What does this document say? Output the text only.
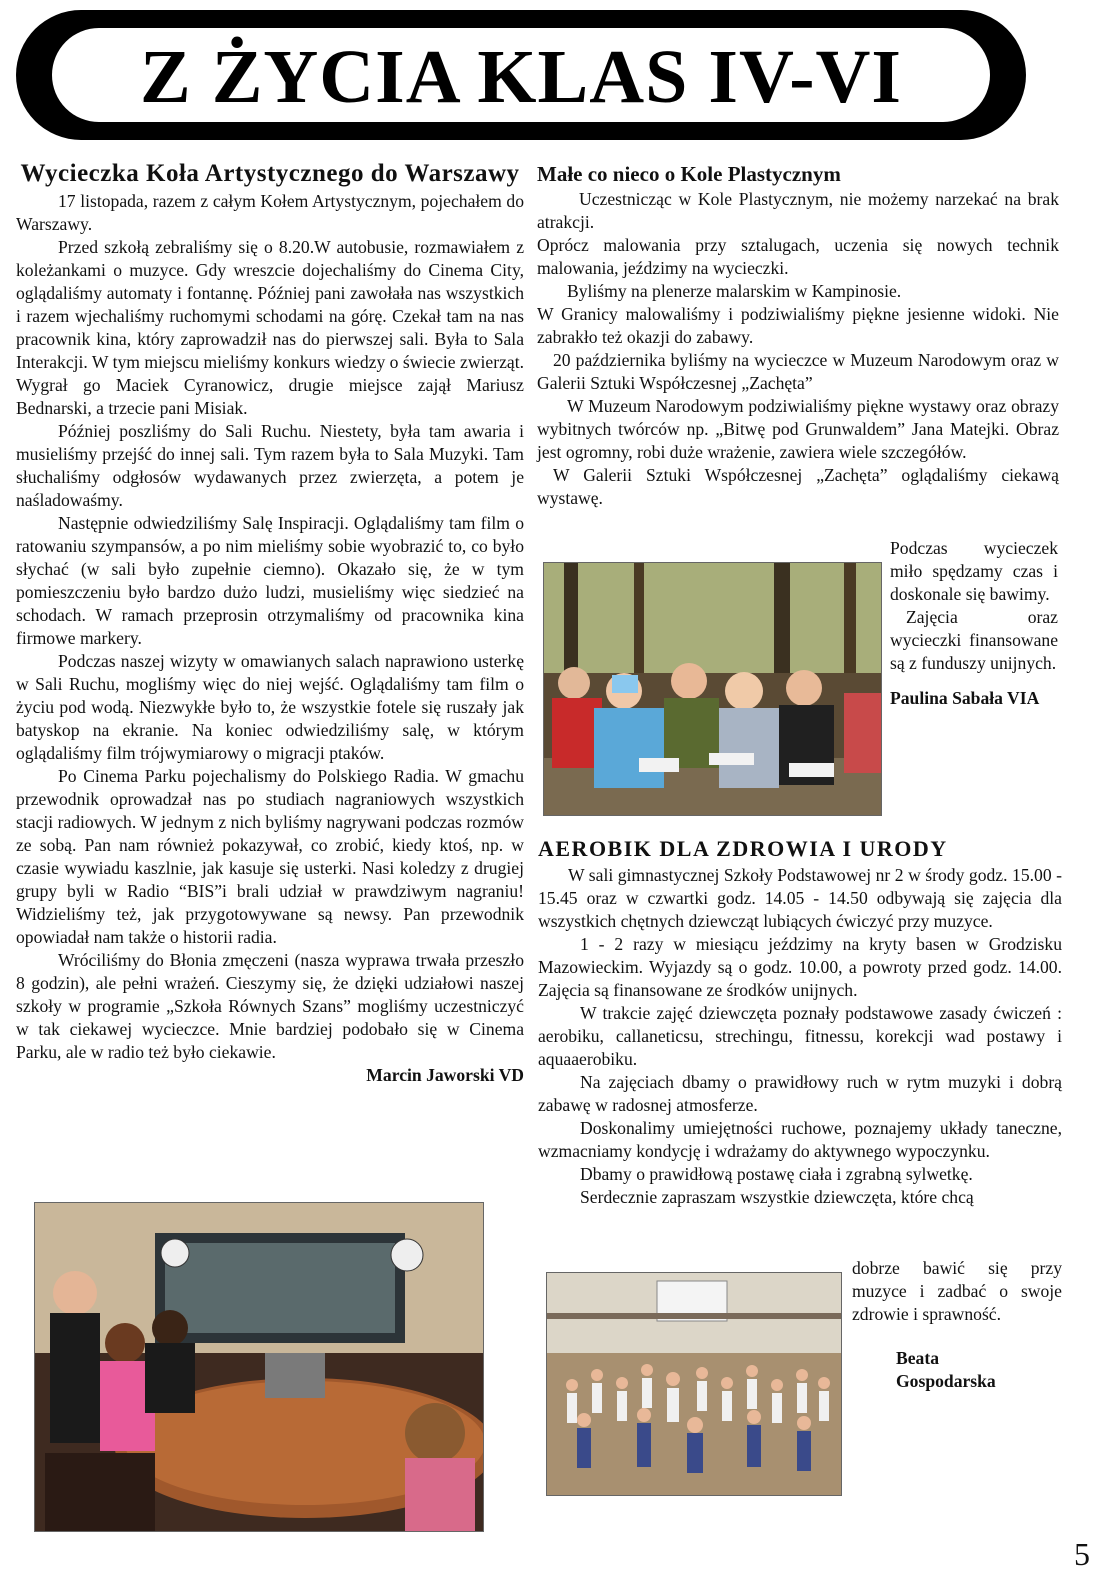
Z ŻYCIA KLAS IV-VI
Wycieczka Koła Artystycznego do Warszawy

17 listopada, razem z całym Kołem Artystycznym, pojechałem do Warszawy.

Przed szkołą zebraliśmy się o 8.20.W autobusie, rozmawiałem z koleżankami o muzyce. Gdy wreszcie dojechaliśmy do Cinema City, oglądaliśmy automaty i fontannę. Później pani zawołała nas wszystkich i razem wjechaliśmy ruchomymi schodami na górę. Czekał tam na nas pracownik kina, który zaprowadził nas do pierwszej sali. Była to Sala Interakcji. W tym miejscu mieliśmy konkurs wiedzy o świecie zwierząt. Wygrał go Maciek Cyranowicz, drugie miejsce zajął Mariusz Bednarski, a trzecie pani Misiak.

Później poszliśmy do Sali Ruchu. Niestety, była tam awaria i musieliśmy przejść do innej sali. Tym razem była to Sala Muzyki. Tam słuchaliśmy odgłosów wydawanych przez zwierzęta, a potem je naśladowaśmy.

Następnie odwiedziliśmy Salę Inspiracji. Oglądaliśmy tam film o ratowaniu szympansów, a po nim mieliśmy sobie wyobrazić to, co było słychać (w sali było zupełnie ciemno). Okazało się, że w tym pomieszczeniu było bardzo dużo ludzi, musieliśmy więc siedzieć na schodach. W ramach przeprosin otrzymaliśmy od pracownika kina firmowe markery.

Podczas naszej wizyty w omawianych salach naprawiono usterkę w Sali Ruchu, mogliśmy więc do niej wejść. Oglądaliśmy tam film o życiu pod wodą. Niezwykłe było to, że wszystkie fotele się ruszały jak batyskop na ekranie. Na koniec odwiedziliśmy salę, w którym oglądaliśmy film trójwymiarowy o migracji ptaków.

Po Cinema Parku pojechalismy do Polskiego Radia. W gmachu przewodnik oprowadzał nas po studiach nagraniowych wszystkich stacji radiowych. W jednym z nich byliśmy nagrywani podczas rozmów ze sobą. Pan nam również pokazywał, co zrobić, kiedy ktoś, np. w czasie wywiadu kaszlnie, jak kasuje się usterki. Nasi koledzy z drugiej grupy byli w Radio “BIS”i brali udział w prawdziwym nagraniu! Widzieliśmy też, jak przygotowywane są newsy. Pan przewodnik opowiadał nam także o historii radia.

Wróciliśmy do Błonia zmęczeni (nasza wyprawa trwała przeszło 8 godzin), ale pełni wrażeń. Cieszymy się, że dzięki udziałowi naszej szkoły w programie „Szkoła Równych Szans” mogliśmy uczestniczyć w tak ciekawej wycieczce. Mnie bardziej podobało się w Cinema Parku, ale w radio też było ciekawie.

Marcin Jaworski VD

Małe co nieco o Kole Plastycznym

Uczestnicząc w Kole Plastycznym, nie możemy narzekać na brak atrakcji.

Oprócz malowania przy sztalugach, uczenia się nowych technik malowania, jeździmy na wycieczki.

Byliśmy na plenerze malarskim w Kampinosie.

W Granicy malowaliśmy i podziwialiśmy piękne jesienne widoki. Nie zabrakło też okazji do zabawy.

20 października byliśmy na wycieczce w Muzeum Narodowym oraz w Galerii Sztuki Współczesnej „Zachęta”

W Muzeum Narodowym podziwialiśmy piękne wystawy oraz obrazy wybitnych twórców np. „Bitwę pod Grunwaldem” Jana Matejki. Obraz jest ogromny, robi duże wrażenie, zawiera wiele szczegółów.

W Galerii Sztuki Współczesnej „Zachęta” oglądaliśmy ciekawą wystawę.

Podczas wycieczek miło spędzamy czas i doskonale się bawimy.

Zajęcia oraz wycieczki finansowane są z funduszy unijnych.

Paulina Sabała VIA

AEROBIK DLA ZDROWIA I URODY

W sali gimnastycznej Szkoły Podstawowej nr 2 w środy godz. 15.00 - 15.45 oraz w czwartki godz. 14.05 - 14.50 odbywają się zajęcia dla wszystkich chętnych dziewcząt lubiących ćwiczyć przy muzyce.

1 - 2 razy w miesiącu jeździmy na kryty basen w Grodzisku Mazowieckim. Wyjazdy są o godz. 10.00, a powroty przed godz. 14.00. Zajęcia są finansowane ze środków unijnych.

W trakcie zajęć dziewczęta poznały podstawowe zasady ćwiczeń : aerobiku, callaneticsu, strechingu, fitnessu, korekcji wad postawy i aquaaerobiku.

Na zajęciach dbamy o prawidłowy ruch w rytm muzyki i dobrą zabawę w radosnej atmosferze.

Doskonalimy umiejętności ruchowe, poznajemy układy taneczne, wzmacniamy kondycję i wdrażamy do aktywnego wypoczynku.

Dbamy o prawidłową postawę ciała i zgrabną sylwetkę.

Serdecznie zapraszam wszystkie dziewczęta, które chcą

dobrze bawić się przy muzyce i zadbać o swoje zdrowie i sprawność.

Beata
Gospodarska
5
